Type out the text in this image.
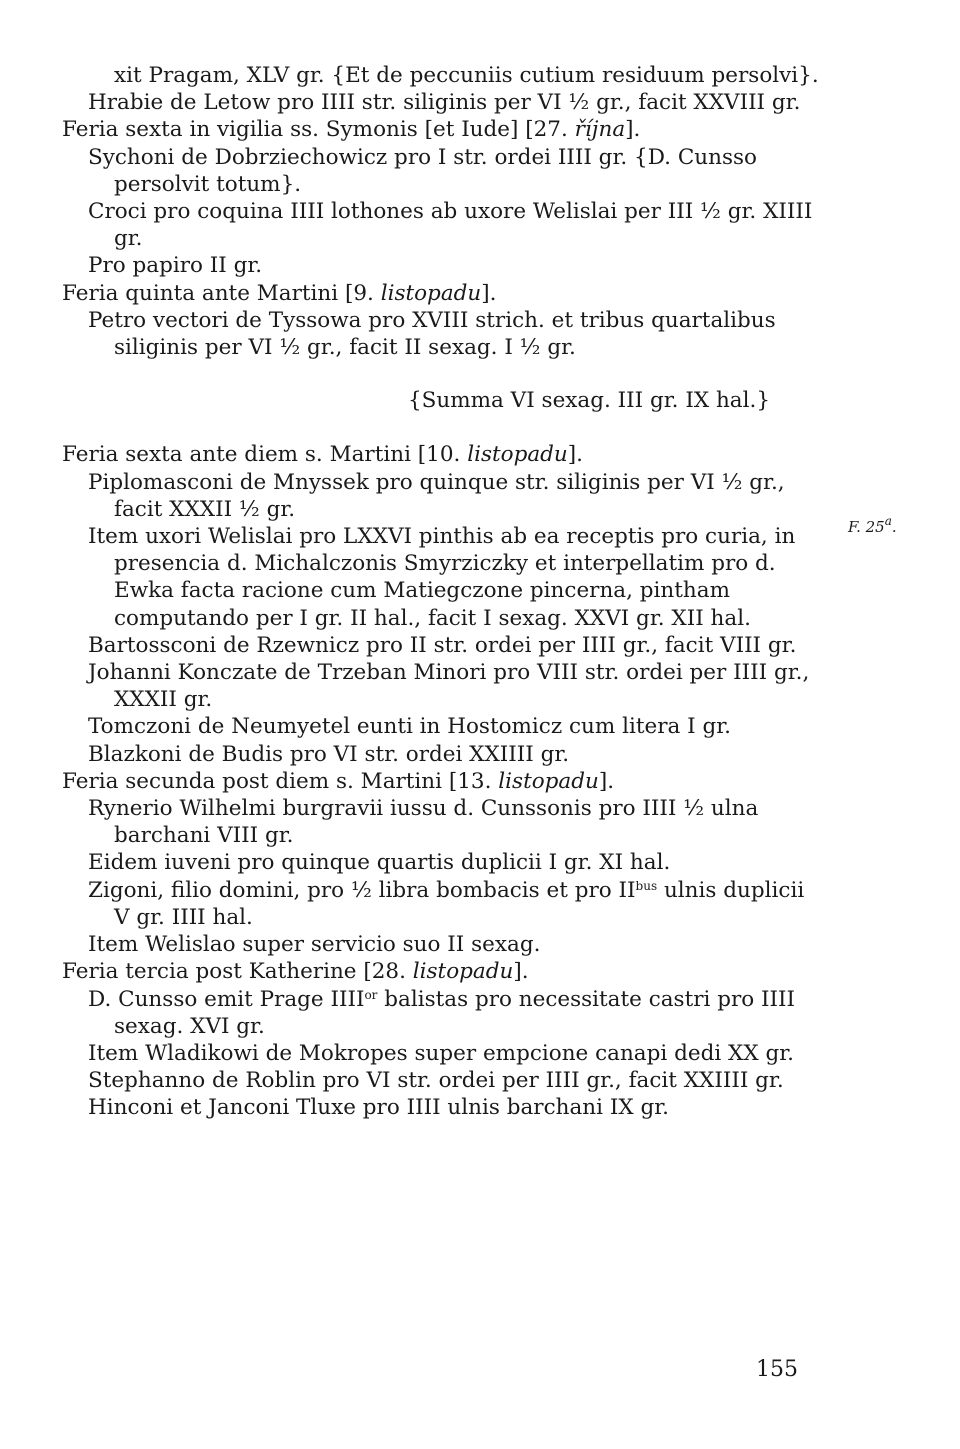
xit Pragam, XLV gr. {Et de peccuniis cutium residuum persolvi}.

Hrabie de Letow pro IIII str. siliginis per VI ½ gr., facit XXVIII gr.

Feria sexta in vigilia ss. Symonis [et Iude] [27. října].

Sychoni de Dobrziechowicz pro I str. ordei IIII gr. {D. Cunsso persolvit totum}.

Croci pro coquina IIII lothones ab uxore Welislai per III ½ gr. XIIII gr.

Pro papiro II gr.

Feria quinta ante Martini [9. listopadu].

Petro vectori de Tyssowa pro XVIII strich. et tribus quartalibus siliginis per VI ½ gr., facit II sexag. I ½ gr.

{Summa VI sexag. III gr. IX hal.}

Feria sexta ante diem s. Martini [10. listopadu].

Piplomasconi de Mnyssek pro quinque str. siliginis per VI ½ gr., facit XXXII ½ gr.

Item uxori Welislai pro LXXVI pinthis ab ea receptis pro curia, in presencia d. Michalczonis Smyrziczky et interpellatim pro d. Ewka facta racione cum Matiegczone pincerna, pintham computando per I gr. II hal., facit I sexag. XXVI gr. XII hal.

Bartossconi de Rzewnicz pro II str. ordei per IIII gr., facit VIII gr.

Johanni Konczate de Trzeban Minori pro VIII str. ordei per IIII gr., XXXII gr.

Tomczoni de Neumyetel eunti in Hostomicz cum litera I gr.

Blazkoni de Budis pro VI str. ordei XXIIII gr.

Feria secunda post diem s. Martini [13. listopadu].

Rynerio Wilhelmi burgravii iussu d. Cunssonis pro IIII ½ ulna barchani VIII gr.

Eidem iuveni pro quinque quartis duplicii I gr. XI hal.

Zigoni, filio domini, pro ½ libra bombacis et pro $II^{bus}$ ulnis duplicii V gr. IIII hal.

Item Welislao super servicio suo II sexag.

Feria tercia post Katherine [28. listopadu].

D. Cunsso emit Prage $IIII^{or}$ balistas pro necessitate castri pro IIII sexag. XVI gr.

Item Wladikowi de Mokropes super empcione canapi dedi XX gr.

Stephanno de Roblin pro VI str. ordei per IIII gr., facit XXIIII gr.

Hinconi et Janconi Tluxe pro IIII ulnis barchani IX gr.

F. 25$^a$.
155
